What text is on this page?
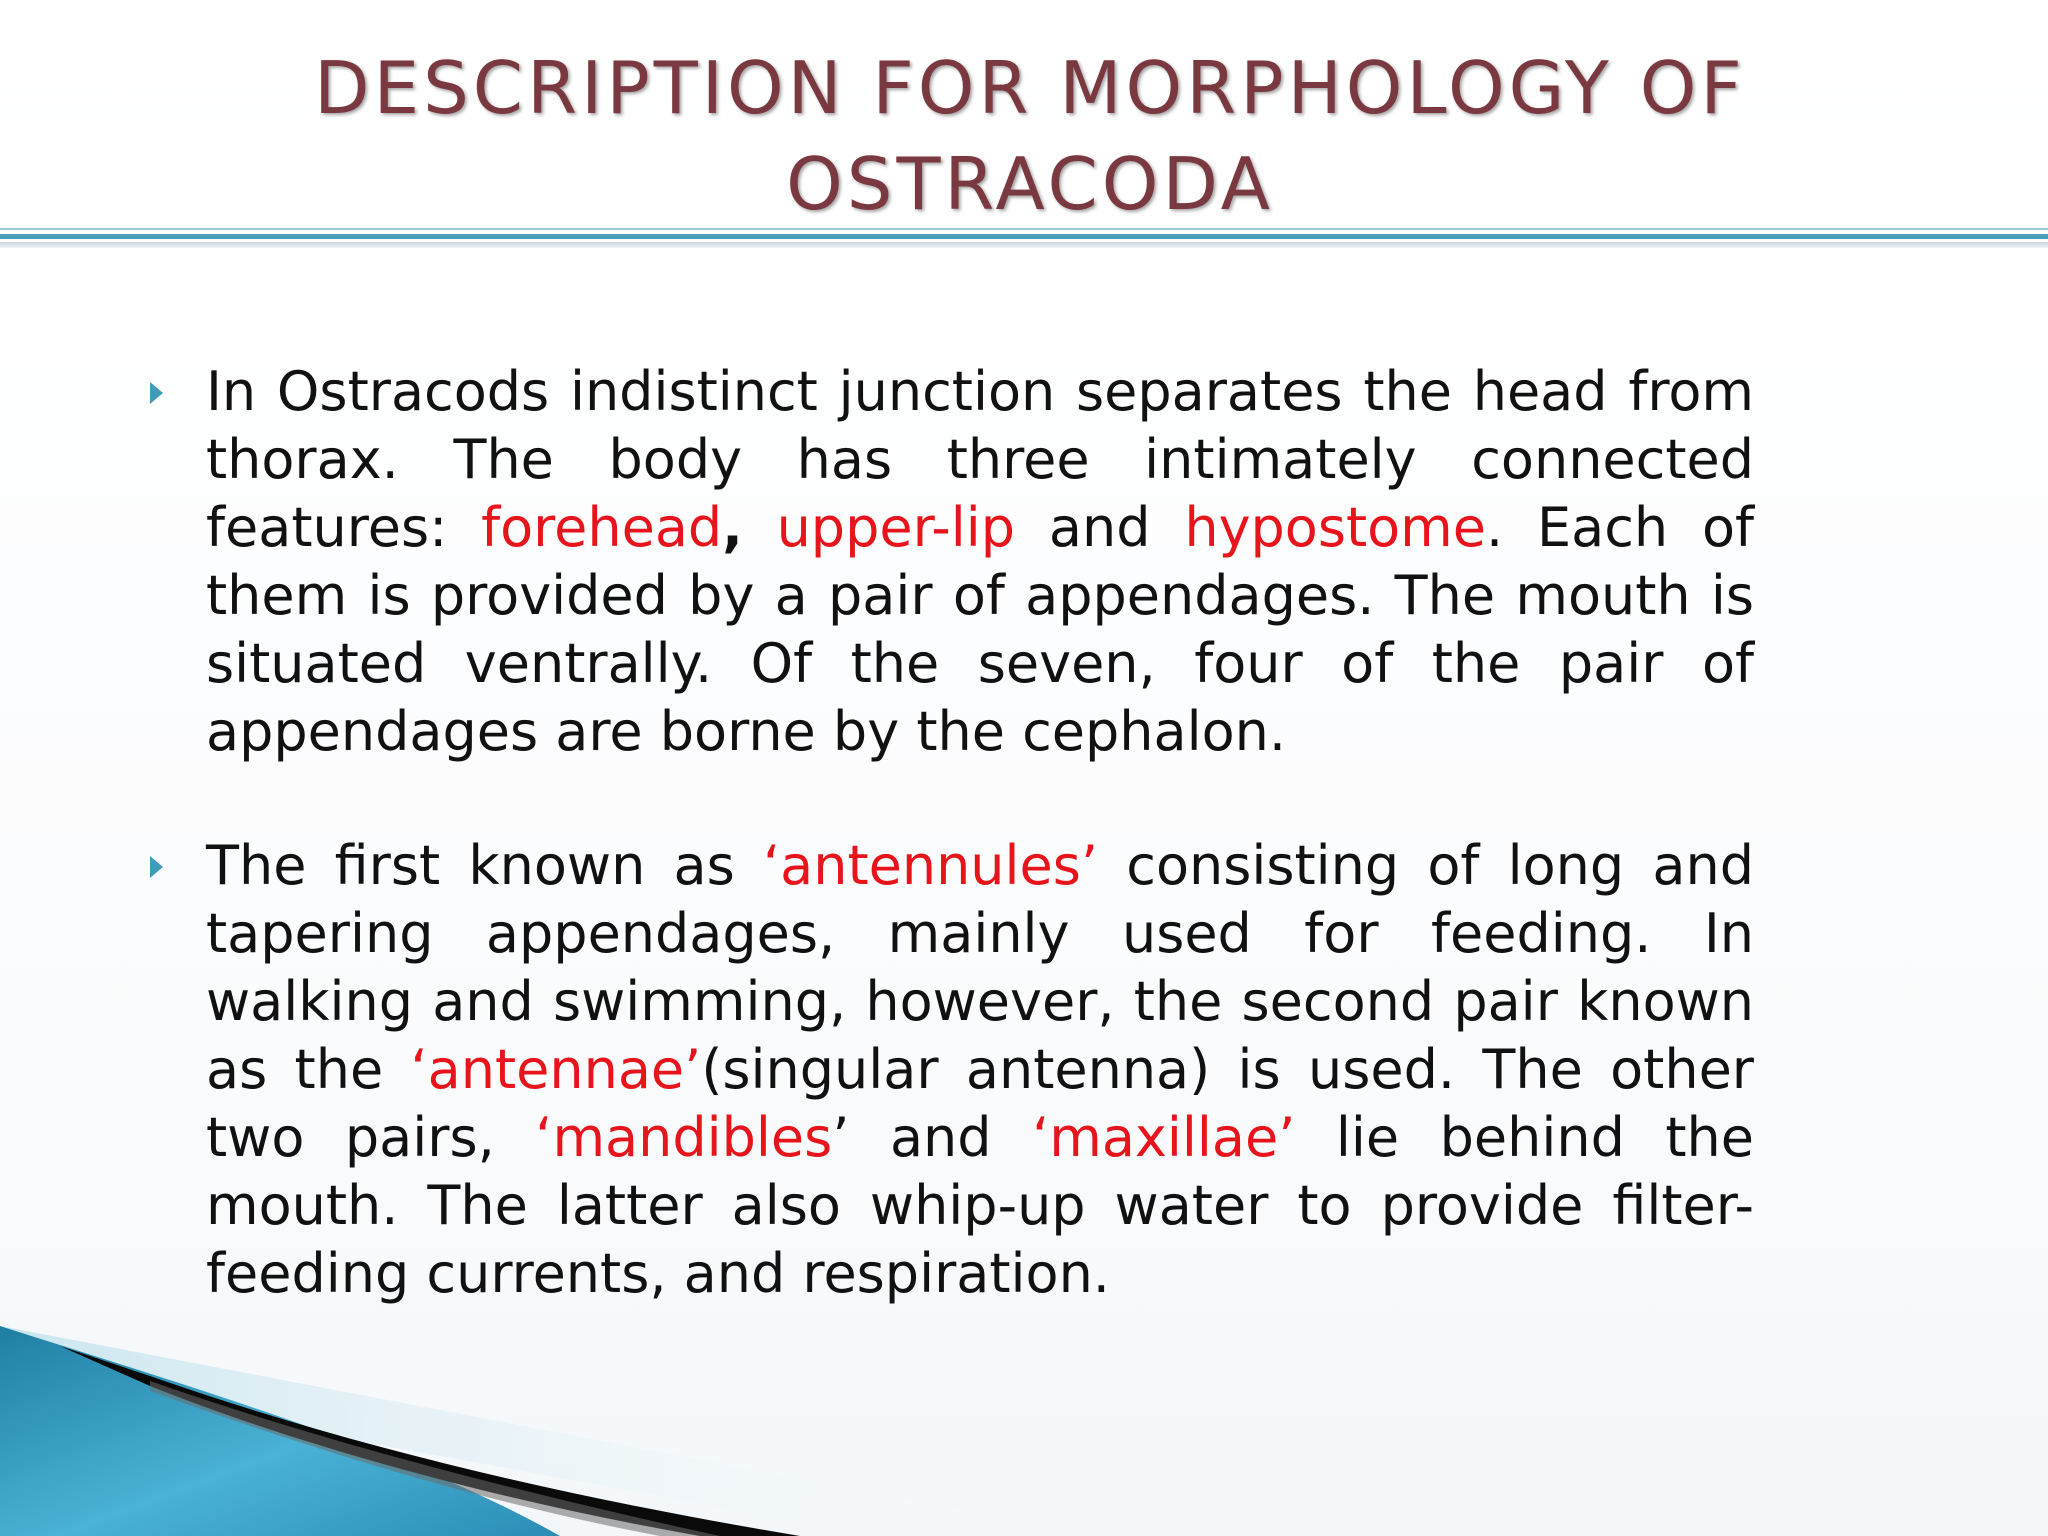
DESCRIPTION FOR MORPHOLOGY OF
OSTRACODA
In Ostracods indistinct junction separates the head from thorax. The body has three intimately connected features: forehead, upper-lip and hypostome. Each of them is provided by a pair of appendages. The mouth is situated ventrally. Of the seven, four of the pair of appendages are borne by the cephalon.
The first known as ‘antennules’ consisting of long and tapering appendages, mainly used for feeding. In walking and swimming, however, the second pair known as the ‘antennae’(singular antenna) is used. The other two pairs, ‘mandibles’ and ‘maxillae’ lie behind the mouth. The latter also whip-up water to provide filter-feeding currents, and respiration.
